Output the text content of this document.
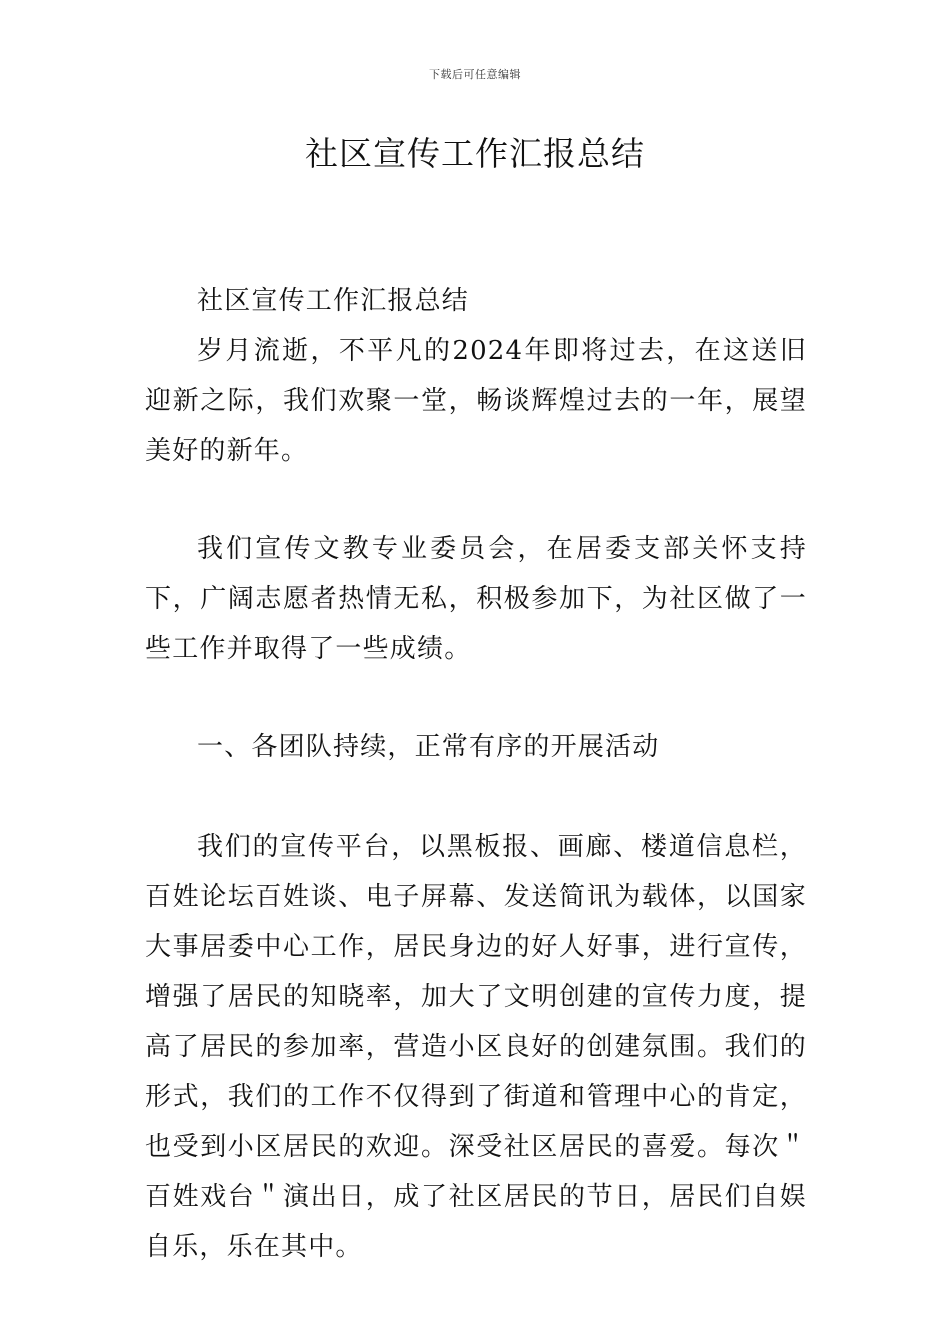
下载后可任意编辑
社区宣传工作汇报总结

社区宣传工作汇报总结

岁月流逝，不平凡的2024年即将过去，在这送旧迎新之际，我们欢聚一堂，畅谈辉煌过去的一年，展望美好的新年。

我们宣传文教专业委员会，在居委支部关怀支持下，广阔志愿者热情无私，积极参加下，为社区做了一些工作并取得了一些成绩。

一、各团队持续，正常有序的开展活动

我们的宣传平台，以黑板报、画廊、楼道信息栏，百姓论坛百姓谈、电子屏幕、发送简讯为载体，以国家大事居委中心工作，居民身边的好人好事，进行宣传，增强了居民的知晓率，加大了文明创建的宣传力度，提高了居民的参加率，营造小区良好的创建氛围。我们的形式，我们的工作不仅得到了街道和管理中心的肯定，也受到小区居民的欢迎。深受社区居民的喜爱。每次＂百姓戏台＂演出日，成了社区居民的节日，居民们自娱自乐，乐在其中。
